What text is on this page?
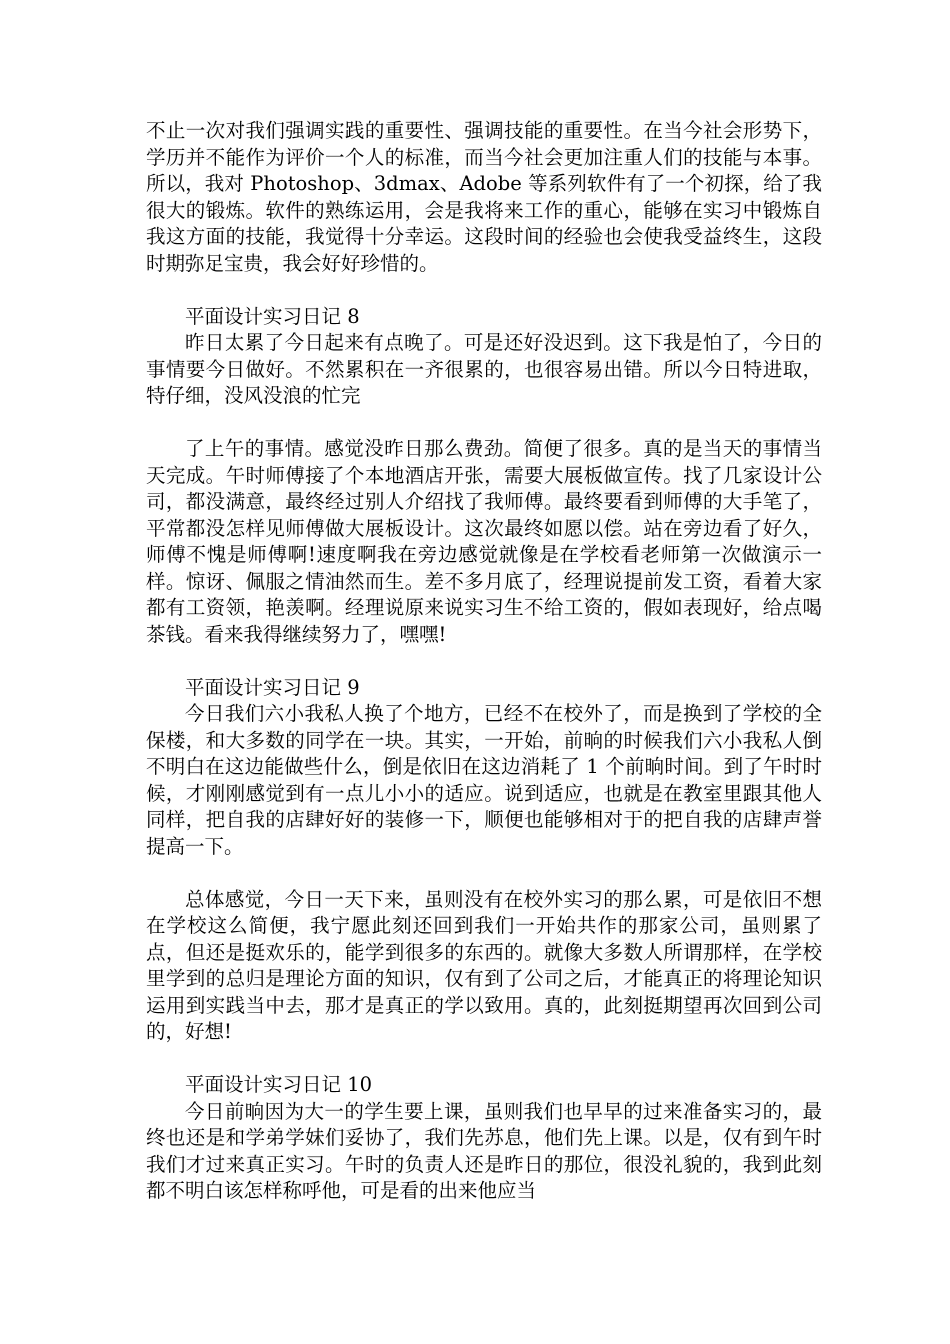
不止一次对我们强调实践的重要性、强调技能的重要性。在当今社会形势下，学历并不能作为评价一个人的标准，而当今社会更加注重人们的技能与本事。所以，我对 Photoshop、3dmax、Adobe 等系列软件有了一个初探，给了我很大的锻炼。软件的熟练运用，会是我将来工作的重心，能够在实习中锻炼自我这方面的技能，我觉得十分幸运。这段时间的经验也会使我受益终生，这段时期弥足宝贵，我会好好珍惜的。

平面设计实习日记 8

昨日太累了今日起来有点晚了。可是还好没迟到。这下我是怕了，今日的事情要今日做好。不然累积在一齐很累的，也很容易出错。所以今日特进取，特仔细，没风没浪的忙完

了上午的事情。感觉没昨日那么费劲。简便了很多。真的是当天的事情当天完成。午时师傅接了个本地酒店开张，需要大展板做宣传。找了几家设计公司，都没满意，最终经过别人介绍找了我师傅。最终要看到师傅的大手笔了，平常都没怎样见师傅做大展板设计。这次最终如愿以偿。站在旁边看了好久，师傅不愧是师傅啊!速度啊我在旁边感觉就像是在学校看老师第一次做演示一样。惊讶、佩服之情油然而生。差不多月底了，经理说提前发工资，看着大家都有工资领，艳羡啊。经理说原来说实习生不给工资的，假如表现好，给点喝茶钱。看来我得继续努力了，嘿嘿!

平面设计实习日记 9

今日我们六小我私人换了个地方，已经不在校外了，而是换到了学校的全保楼，和大多数的同学在一块。其实，一开始，前晌的时候我们六小我私人倒不明白在这边能做些什么，倒是依旧在这边消耗了 1 个前晌时间。到了午时时候，才刚刚感觉到有一点儿小小的适应。说到适应，也就是在教室里跟其他人同样，把自我的店肆好好的装修一下，顺便也能够相对于的把自我的店肆声誉提高一下。

总体感觉，今日一天下来，虽则没有在校外实习的那么累，可是依旧不想在学校这么简便，我宁愿此刻还回到我们一开始共作的那家公司，虽则累了点，但还是挺欢乐的，能学到很多的东西的。就像大多数人所谓那样，在学校里学到的总归是理论方面的知识，仅有到了公司之后，才能真正的将理论知识运用到实践当中去，那才是真正的学以致用。真的，此刻挺期望再次回到公司的，好想!

平面设计实习日记 10

今日前晌因为大一的学生要上课，虽则我们也早早的过来准备实习的，最终也还是和学弟学妹们妥协了，我们先苏息，他们先上课。以是，仅有到午时我们才过来真正实习。午时的负责人还是昨日的那位，很没礼貌的，我到此刻都不明白该怎样称呼他，可是看的出来他应当
